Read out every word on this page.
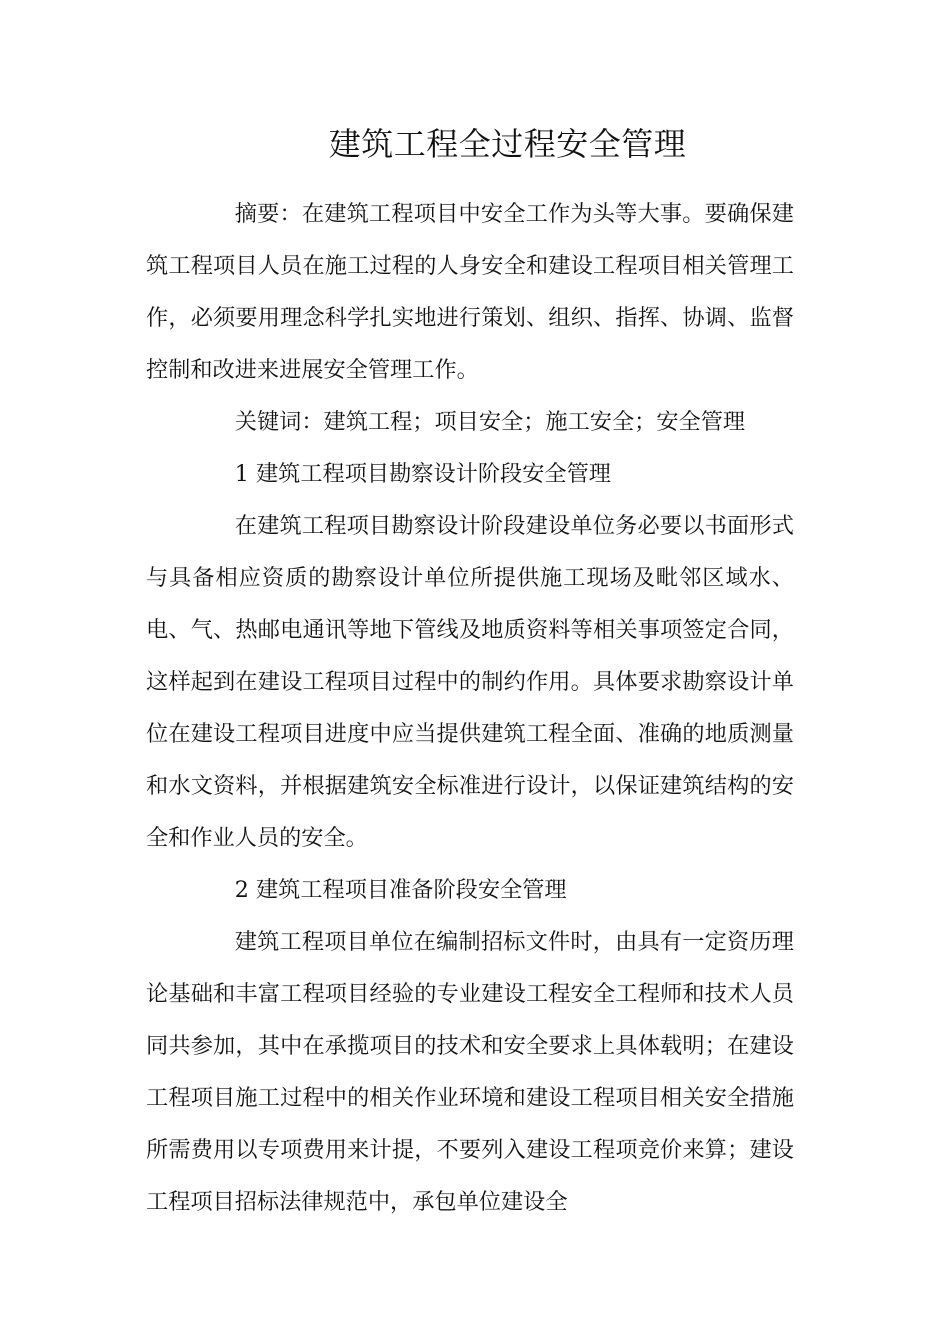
建筑工程全过程安全管理

摘要：在建筑工程项目中安全工作为头等大事。要确保建筑工程项目人员在施工过程的人身安全和建设工程项目相关管理工作，必须要用理念科学扎实地进行策划、组织、指挥、协调、监督控制和改进来进展安全管理工作。

关键词：建筑工程；项目安全；施工安全；安全管理

1 建筑工程项目勘察设计阶段安全管理

在建筑工程项目勘察设计阶段建设单位务必要以书面形式与具备相应资质的勘察设计单位所提供施工现场及毗邻区域水、电、气、热邮电通讯等地下管线及地质资料等相关事项签定合同，这样起到在建设工程项目过程中的制约作用。具体要求勘察设计单位在建设工程项目进度中应当提供建筑工程全面、准确的地质测量和水文资料，并根据建筑安全标准进行设计，以保证建筑结构的安全和作业人员的安全。

2 建筑工程项目准备阶段安全管理

建筑工程项目单位在编制招标文件时，由具有一定资历理论基础和丰富工程项目经验的专业建设工程安全工程师和技术人员同共参加，其中在承揽项目的技术和安全要求上具体载明；在建设工程项目施工过程中的相关作业环境和建设工程项目相关安全措施所需费用以专项费用来计提，不要列入建设工程项竞价来算；建设工程项目招标法律规范中，承包单位建设全
